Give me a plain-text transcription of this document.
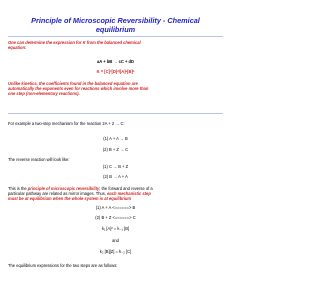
Principle of Microscopic Reversibility - Chemical
equilibrium
One can determine the expression for K from the balanced chemical
equation:
aA + bB → cC + dD
K = [C]ᶜ[D]ᵈ/[A]ᵃ[B]ᵇ
Unlike kinetics, the coefficients found in the balanced equation are
automatically the exponents even for reactions which involve more than
one step (non-elementary reactions).
For example a two-step mechanism for the reaction 2A + 2 → C:
(1) A + A → B
(2) B + Z → C
The reverse reaction will look like:
(1) C → B + Z
(2) B → A + A
This is the principle of microscopic reversibility; the forward and reverse of a
particular pathway are related as mirror images. Thus, each mechanistic step
must be at equilibrium when the whole system is at equilibrium
(1) A + A <======> B
(2) B + Z <======> C
k₁ [A]² = k₋₁ [B]
and
k₂ [B][Z] = k₋₂ [C]
The equilibrium expressions for the two steps are as follows:
